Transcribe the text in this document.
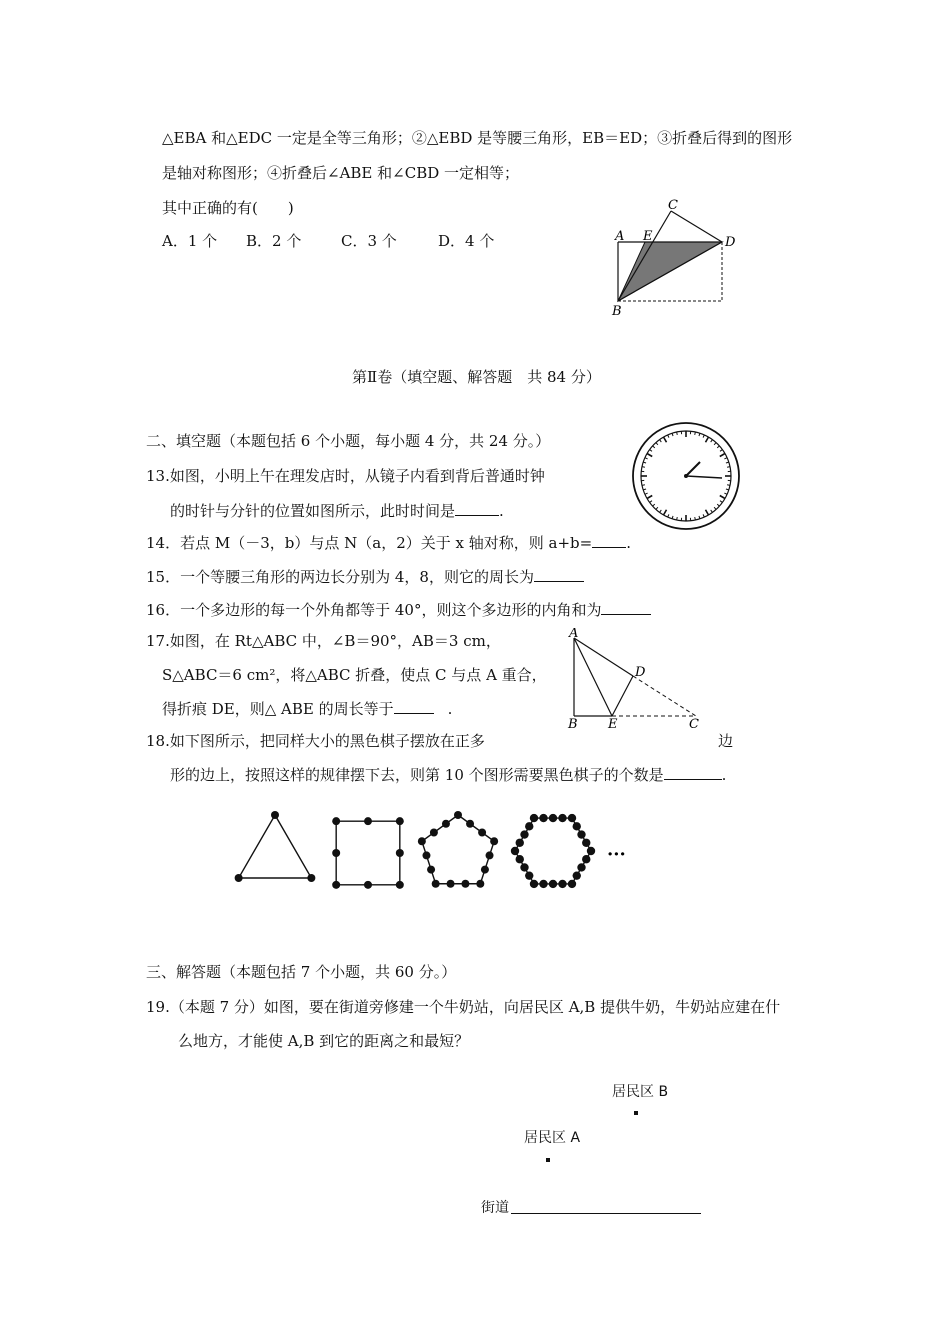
△EBA 和△EDC 一定是全等三角形；②△EBD 是等腰三角形，EB＝ED；③折叠后得到的图形
是轴对称图形；④折叠后∠ABE 和∠CBD 一定相等；
其中正确的有(　　)
A．1 个 B．2 个	C．3 个	D．4 个	A E
C
D
B
第Ⅱ卷（填空题、解答题　共 84 分）
二、填空题（本题包括 6 个小题，每小题 4 分，共 24 分。）
13.如图，小明上午在理发店时，从镜子内看到背后普通时钟
的时针与分针的位置如图所示，此时时间是	.
14．若点 M（－3，b）与点 N（a，2）关于 x 轴对称，则 a+b= .
15．一个等腰三角形的两边长分别为 4，8，则它的周长为
16．一个多边形的每一个外角都等于 40°，则这个多边形的内角和为
17.如图，在 Rt△ABC 中，∠B＝90°，AB＝3 cm，
S△ABC＝6 cm²，将△ABC 折叠，使点 C 与点 A 重合，
得折痕 DE，则△ ABE 的周长等于	.
A
D
B E	C
18.如下图所示，把同样大小的黑色棋子摆放在正多	边
形的边上，按照这样的规律摆下去，则第 10 个图形需要黑色棋子的个数是	.
···
三、解答题（本题包括 7 个小题，共 60 分。）
19.（本题 7 分）如图，要在街道旁修建一个牛奶站，向居民区 A,B 提供牛奶，牛奶站应建在什
么地方，才能使 A,B 到它的距离之和最短？
居民区 B
居民区 A
街道
